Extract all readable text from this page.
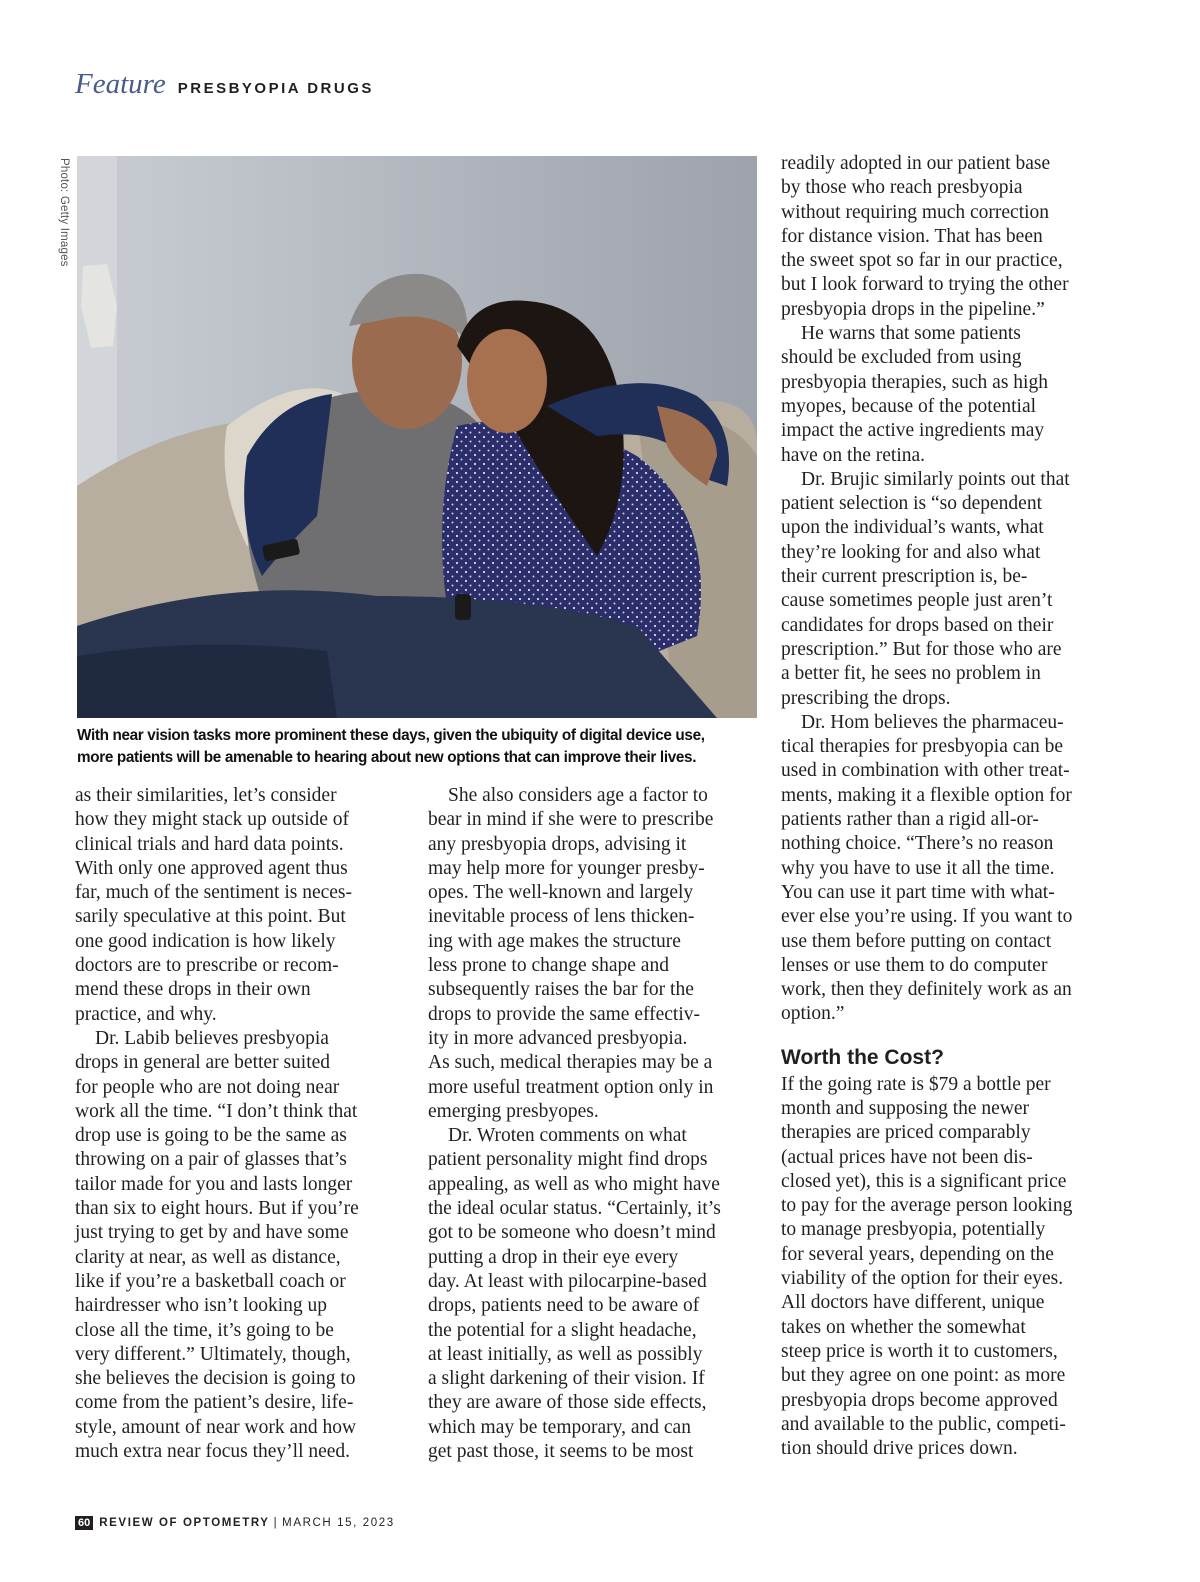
Feature PRESBYOPIA DRUGS
Photo: Getty Images
With near vision tasks more prominent these days, given the ubiquity of digital device use,
more patients will be amenable to hearing about new options that can improve their lives.
as their similarities, let’s consider
how they might stack up outside of
clinical trials and hard data points.
With only one approved agent thus
far, much of the sentiment is neces-
sarily speculative at this point. But
one good indication is how likely
doctors are to prescribe or recom-
mend these drops in their own
practice, and why.
Dr. Labib believes presbyopia
drops in general are better suited
for people who are not doing near
work all the time. “I don’t think that
drop use is going to be the same as
throwing on a pair of glasses that’s
tailor made for you and lasts longer
than six to eight hours. But if you’re
just trying to get by and have some
clarity at near, as well as distance,
like if you’re a basketball coach or
hairdresser who isn’t looking up
close all the time, it’s going to be
very different.” Ultimately, though,
she believes the decision is going to
come from the patient’s desire, life-
style, amount of near work and how
much extra near focus they’ll need.
She also considers age a factor to
bear in mind if she were to prescribe
any presbyopia drops, advising it
may help more for younger presby-
opes. The well-known and largely
inevitable process of lens thicken-
ing with age makes the structure
less prone to change shape and
subsequently raises the bar for the
drops to provide the same effectiv-
ity in more advanced presbyopia.
As such, medical therapies may be a
more useful treatment option only in
emerging presbyopes.
Dr. Wroten comments on what
patient personality might find drops
appealing, as well as who might have
the ideal ocular status. “Certainly, it’s
got to be someone who doesn’t mind
putting a drop in their eye every
day. At least with pilocarpine-based
drops, patients need to be aware of
the potential for a slight headache,
at least initially, as well as possibly
a slight darkening of their vision. If
they are aware of those side effects,
which may be temporary, and can
get past those, it seems to be most
readily adopted in our patient base
by those who reach presbyopia
without requiring much correction
for distance vision. That has been
the sweet spot so far in our practice,
but I look forward to trying the other
presbyopia drops in the pipeline.”
He warns that some patients
should be excluded from using
presbyopia therapies, such as high
myopes, because of the potential
impact the active ingredients may
have on the retina.
Dr. Brujic similarly points out that
patient selection is “so dependent
upon the individual’s wants, what
they’re looking for and also what
their current prescription is, be-
cause sometimes people just aren’t
candidates for drops based on their
prescription.” But for those who are
a better fit, he sees no problem in
prescribing the drops.
Dr. Hom believes the pharmaceu-
tical therapies for presbyopia can be
used in combination with other treat-
ments, making it a flexible option for
patients rather than a rigid all-or-
nothing choice. “There’s no reason
why you have to use it all the time.
You can use it part time with what-
ever else you’re using. If you want to
use them before putting on contact
lenses or use them to do computer
work, then they definitely work as an
option.”
Worth the Cost?
If the going rate is $79 a bottle per
month and supposing the newer
therapies are priced comparably
(actual prices have not been dis-
closed yet), this is a significant price
to pay for the average person looking
to manage presbyopia, potentially
for several years, depending on the
viability of the option for their eyes.
All doctors have different, unique
takes on whether the somewhat
steep price is worth it to customers,
but they agree on one point: as more
presbyopia drops become approved
and available to the public, competi-
tion should drive prices down.
60 REVIEW OF OPTOMETRY | MARCH 15, 2023
